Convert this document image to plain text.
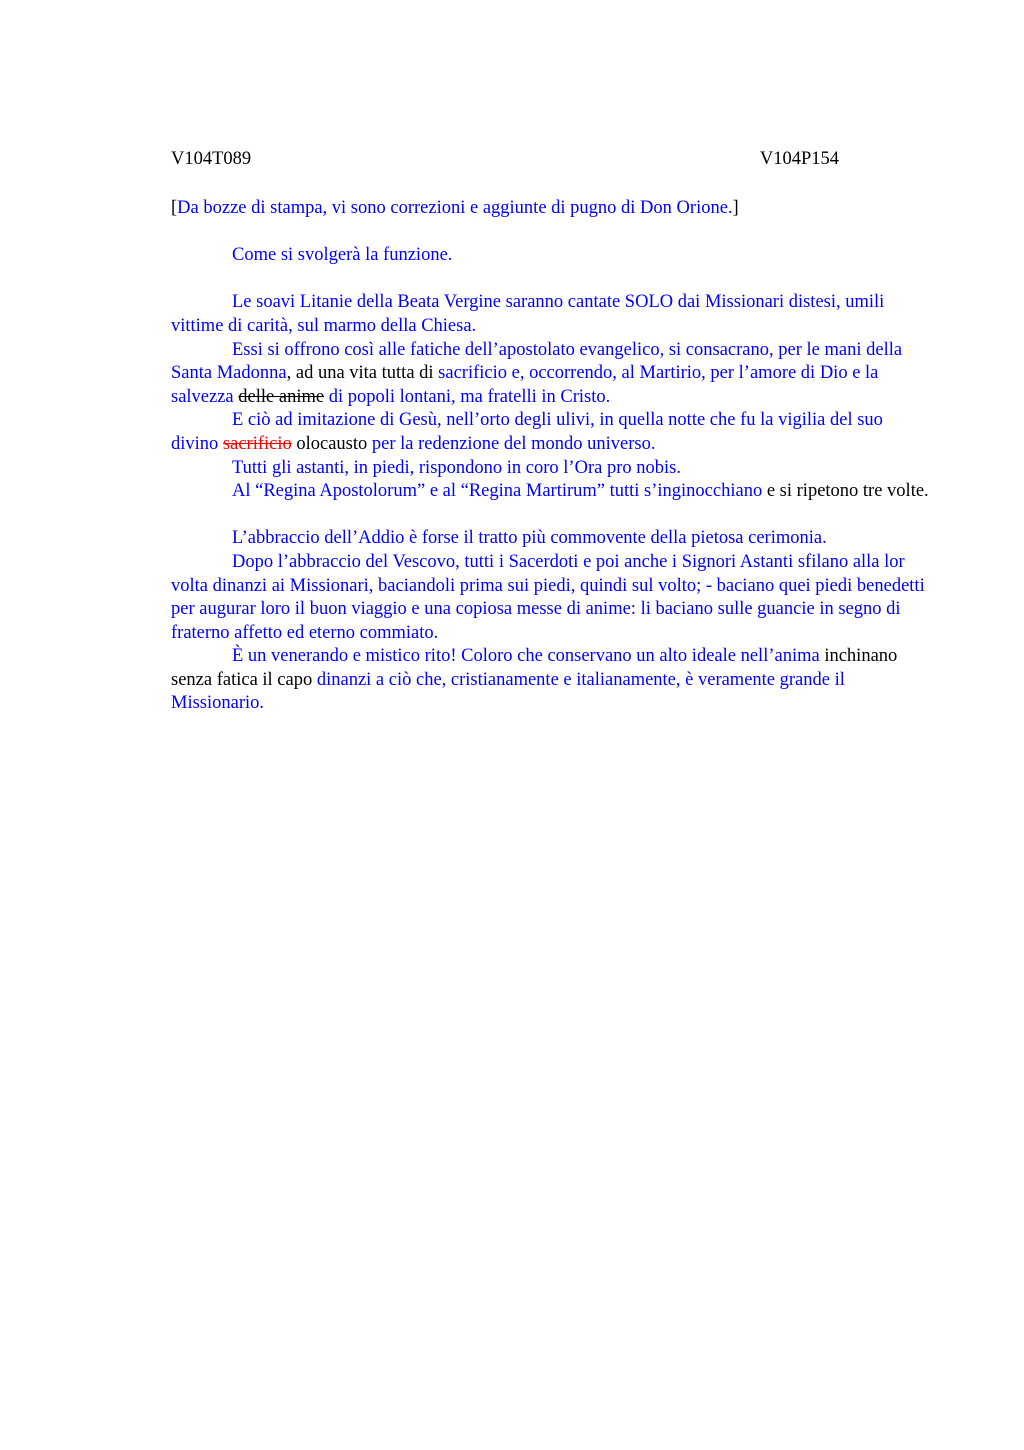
V104T089	V104P154

[Da bozze di stampa, vi sono correzioni e aggiunte di pugno di Don Orione.]

Come si svolgerà la funzione.

Le soavi Litanie della Beata Vergine saranno cantate SOLO dai Missionari distesi, umili vittime di carità, sul marmo della Chiesa.

Essi si offrono così alle fatiche dell’apostolato evangelico, si consacrano, per le mani della Santa Madonna, ad una vita tutta di sacrificio e, occorrendo, al Martirio, per l’amore di Dio e la salvezza delle anime di popoli lontani, ma fratelli in Cristo.

E ciò ad imitazione di Gesù, nell’orto degli ulivi, in quella notte che fu la vigilia del suo divino sacrificio olocausto per la redenzione del mondo universo.

Tutti gli astanti, in piedi, rispondono in coro l’Ora pro nobis.

Al “Regina Apostolorum” e al “Regina Martirum” tutti s’inginocchiano e si ripetono tre volte.

L’abbraccio dell’Addio è forse il tratto più commovente della pietosa cerimonia.

Dopo l’abbraccio del Vescovo, tutti i Sacerdoti e poi anche i Signori Astanti sfilano alla lor volta dinanzi ai Missionari, baciandoli prima sui piedi, quindi sul volto; - baciano quei piedi benedetti per augurar loro il buon viaggio e una copiosa messe di anime: li baciano sulle guancie in segno di fraterno affetto ed eterno commiato.

È un venerando e mistico rito! Coloro che conservano un alto ideale nell’anima inchinano senza fatica il capo dinanzi a ciò che, cristianamente e italianamente, è veramente grande il Missionario.
